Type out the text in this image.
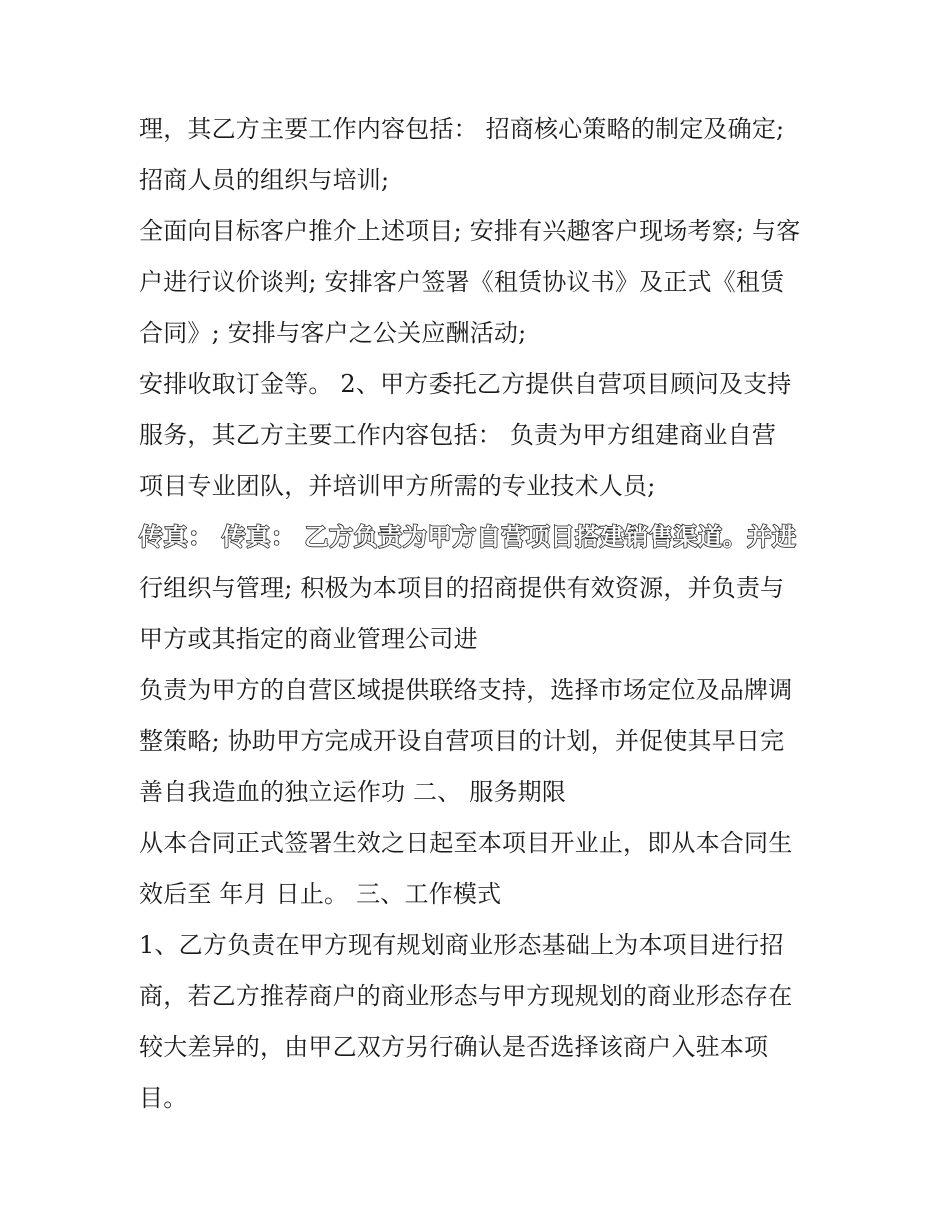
理，其乙方主要工作内容包括： 招商核心策略的制定及确定;
招商人员的组织与培训;
全面向目标客户推介上述项目; 安排有兴趣客户现场考察; 与客
户进行议价谈判; 安排客户签署《租赁协议书》及正式《租赁
合同》; 安排与客户之公关应酬活动;
安排收取订金等。 2、甲方委托乙方提供自营项目顾问及支持
服务，其乙方主要工作内容包括： 负责为甲方组建商业自营
项目专业团队，并培训甲方所需的专业技术人员;
传真： 传真： 乙方负责为甲方自营项目搭建销售渠道。并进
行组织与管理; 积极为本项目的招商提供有效资源，并负责与
甲方或其指定的商业管理公司进
负责为甲方的自营区域提供联络支持，选择市场定位及品牌调
整策略; 协助甲方完成开设自营项目的计划，并促使其早日完
善自我造血的独立运作功 二、 服务期限
从本合同正式签署生效之日起至本项目开业止，即从本合同生
效后至 年月 日止。 三、工作模式
1、乙方负责在甲方现有规划商业形态基础上为本项目进行招
商，若乙方推荐商户的商业形态与甲方现规划的商业形态存在
较大差异的，由甲乙双方另行确认是否选择该商户入驻本项
目。
